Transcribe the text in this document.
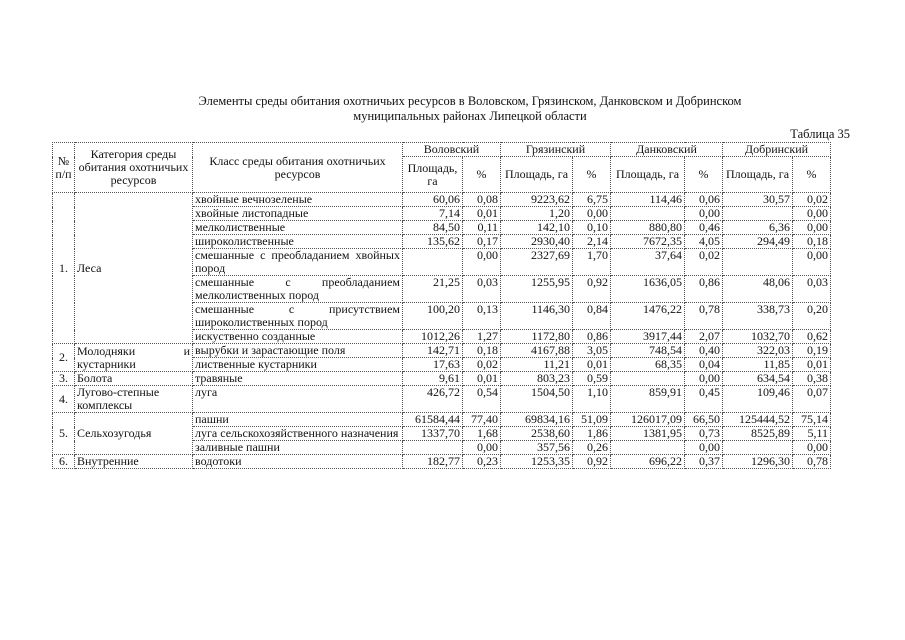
Элементы среды обитания охотничьих ресурсов в Воловском, Грязинском, Данковском и Добринском
муниципальных районах Липецкой области
Таблица 35
№ п/п	Категория среды обитания охотничьих ресурсов	Класс среды обитания охотничьих ресурсов	Воловский		Грязинский		Данковский		Добринский	
			Площадь, га	%	Площадь, га	%	Площадь, га	%	Площадь, га	%
1.	Леса	хвойные вечнозеленые	60,06	0,08	9223,62	6,75	114,46	0,06	30,57	0,02
		хвойные листопадные	7,14	0,01	1,20	0,00		0,00		0,00
		мелколиственные	84,50	0,11	142,10	0,10	880,80	0,46	6,36	0,00
		широколиственные	135,62	0,17	2930,40	2,14	7672,35	4,05	294,49	0,18
		смешанные с преобладанием хвойных пород		0,00	2327,69	1,70	37,64	0,02		0,00
		смешанные с преобладанием мелколиственных пород	21,25	0,03	1255,95	0,92	1636,05	0,86	48,06	0,03
		смешанные с присутствием широколиственных пород	100,20	0,13	1146,30	0,84	1476,22	0,78	338,73	0,20
		искуственно созданные	1012,26	1,27	1172,80	0,86	3917,44	2,07	1032,70	0,62
2.	Молодняки и кустарники	вырубки и зарастающие поля	142,71	0,18	4167,88	3,05	748,54	0,40	322,03	0,19
		лиственные кустарники	17,63	0,02	11,21	0,01	68,35	0,04	11,85	0,01
3.	Болота	травяные	9,61	0,01	803,23	0,59		0,00	634,54	0,38
4.	Лугово-степные комплексы	луга	426,72	0,54	1504,50	1,10	859,91	0,45	109,46	0,07
5.	Сельхозугодья	пашни	61584,44	77,40	69834,16	51,09	126017,09	66,50	125444,52	75,14
		луга сельскохозяйственного назначения	1337,70	1,68	2538,60	1,86	1381,95	0,73	8525,89	5,11
		заливные пашни		0,00	357,56	0,26		0,00		0,00
6.	Внутренние	водотоки	182,77	0,23	1253,35	0,92	696,22	0,37	1296,30	0,78
